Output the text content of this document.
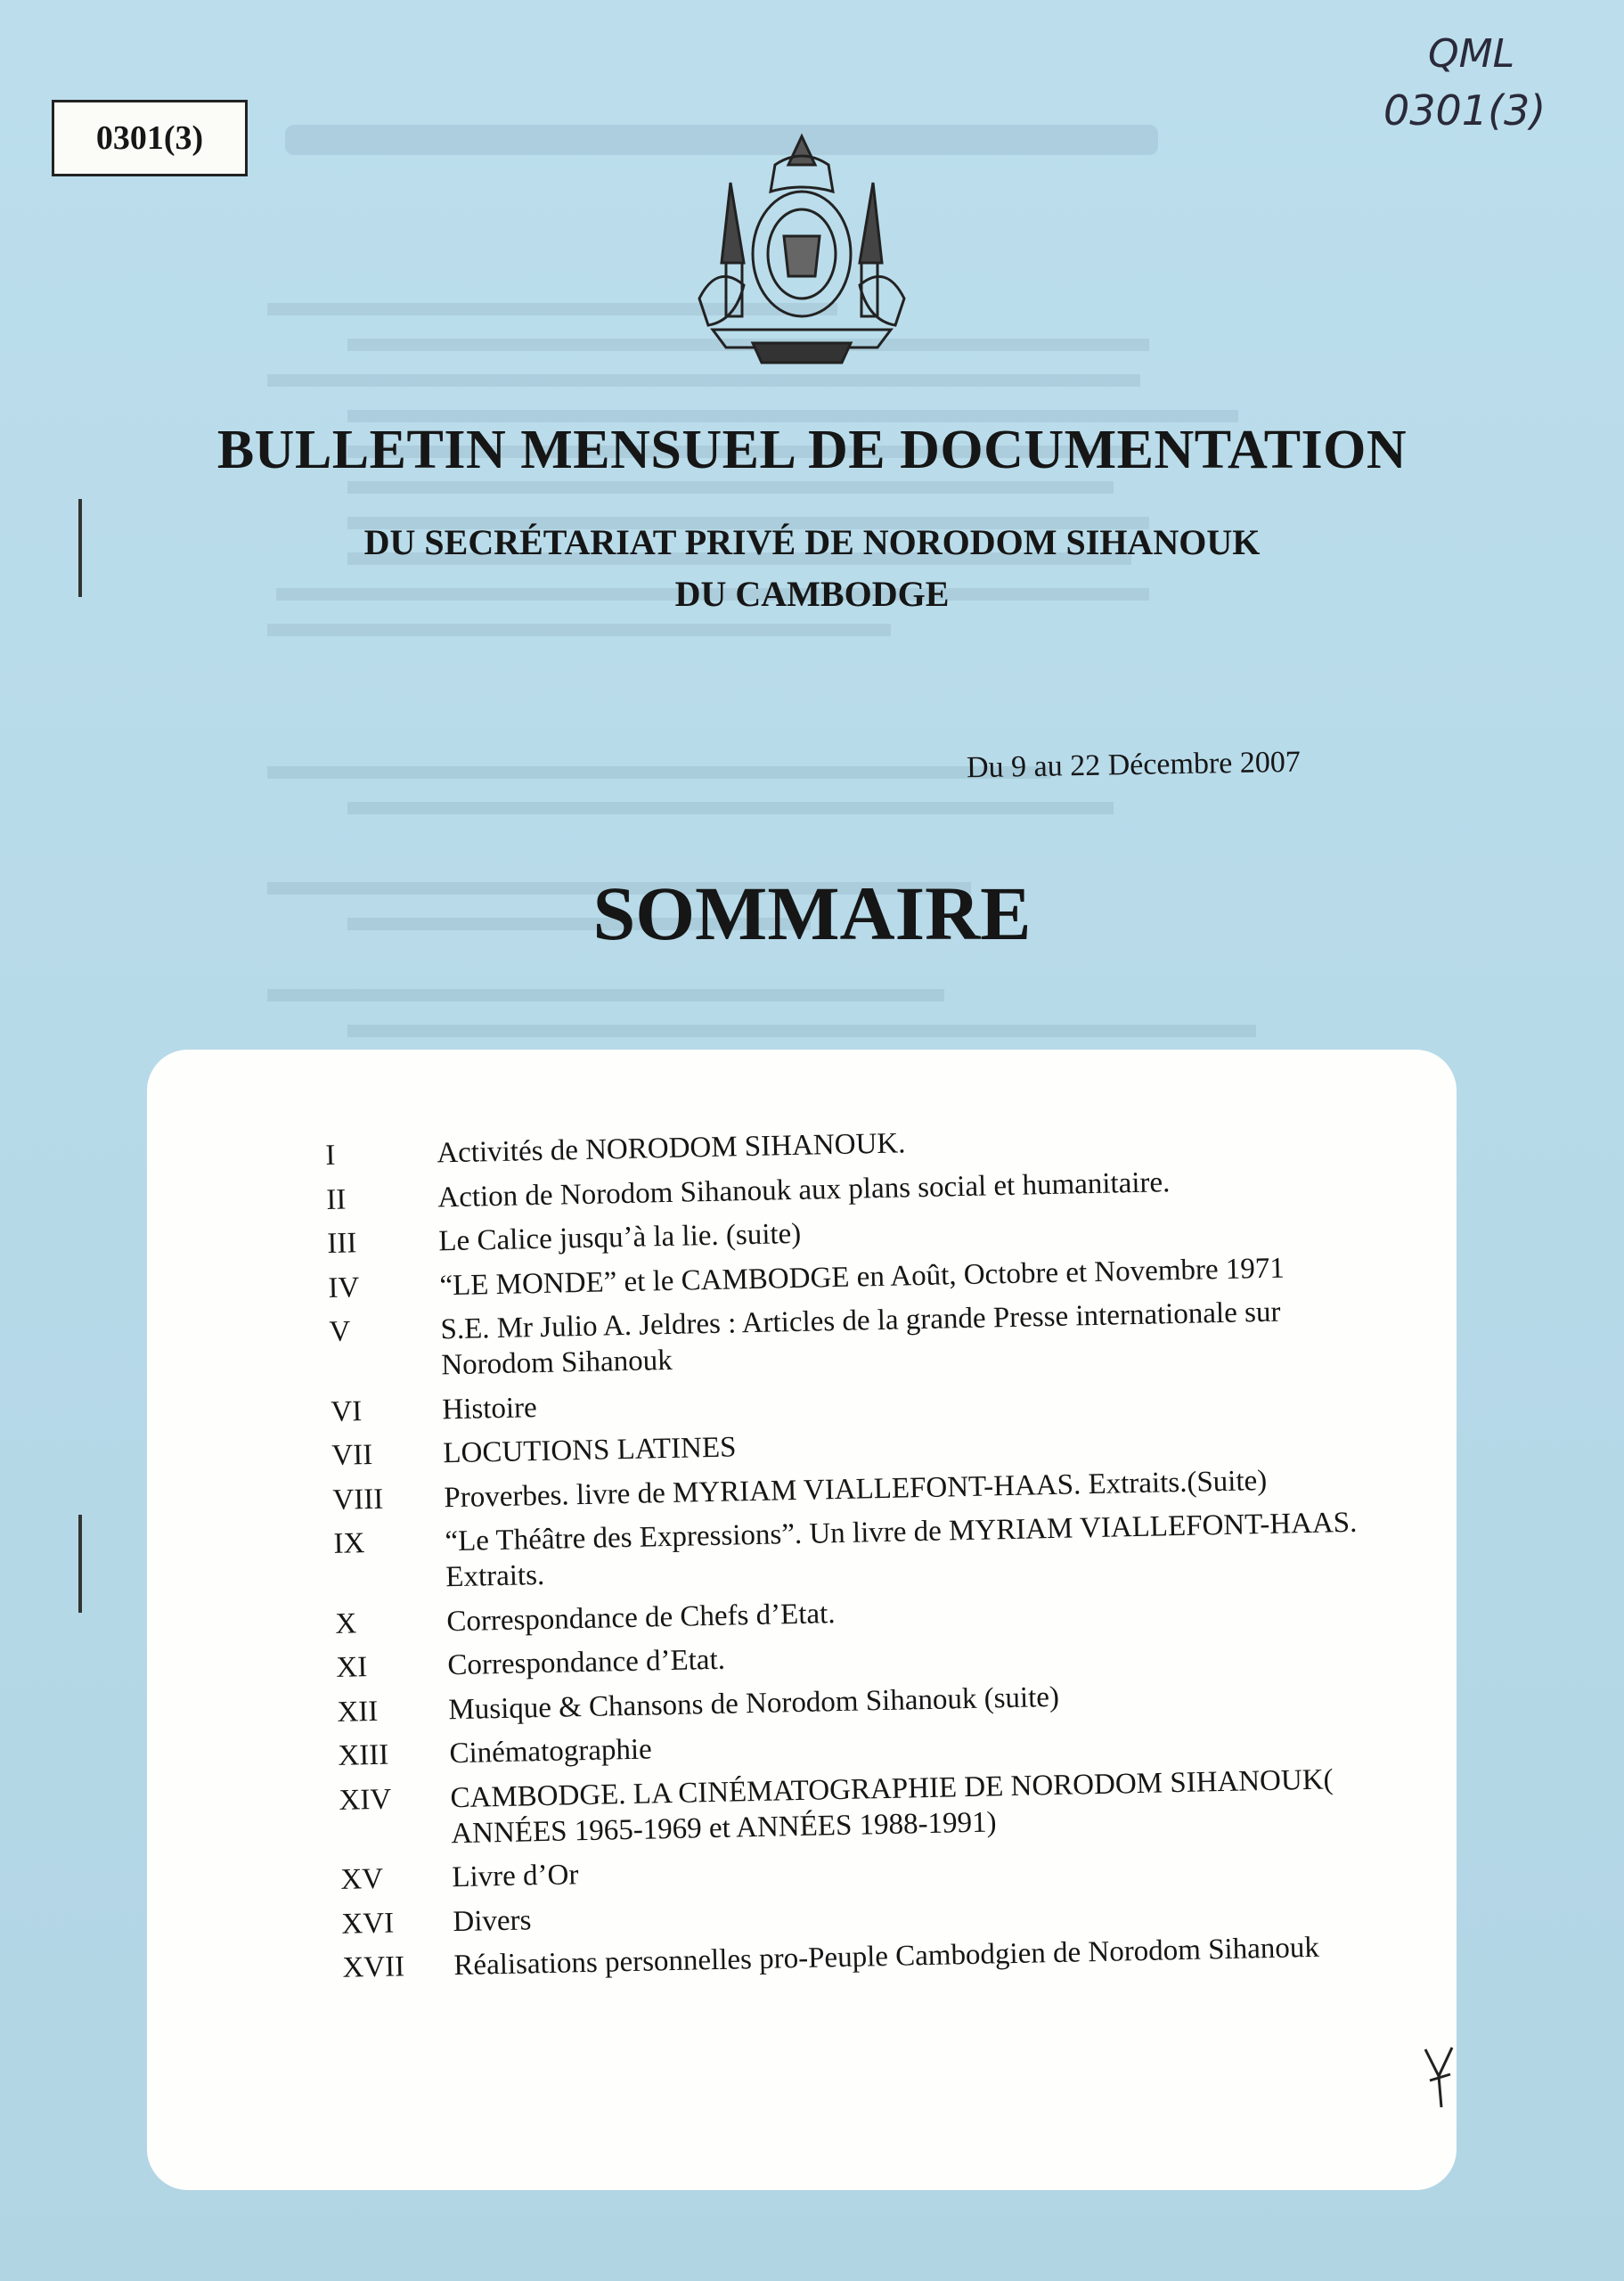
0301(3)
QML
0301(3)
BULLETIN MENSUEL DE DOCUMENTATION
DU SECRÉTARIAT PRIVÉ DE NORODOM SIHANOUK
DU CAMBODGE
Du 9 au 22 Décembre 2007
SOMMAIRE
I	Activités de NORODOM SIHANOUK.
II	Action de Norodom Sihanouk aux plans social et humanitaire.
III	Le Calice jusqu’à la lie. (suite)
IV	“LE MONDE” et le CAMBODGE en Août, Octobre et Novembre 1971
V	S.E. Mr Julio A. Jeldres : Articles de la grande Presse internationale sur Norodom Sihanouk
VI	Histoire
VII	LOCUTIONS LATINES
VIII	Proverbes. livre de MYRIAM VIALLEFONT-HAAS. Extraits.(Suite)
IX	“Le Théâtre des Expressions”. Un livre de MYRIAM VIALLEFONT-HAAS. Extraits.
X	Correspondance de Chefs d’Etat.
XI	Correspondance d’Etat.
XII	Musique & Chansons de Norodom Sihanouk (suite)
XIII	Cinématographie
XIV	CAMBODGE. LA CINÉMATOGRAPHIE DE NORODOM SIHANOUK( ANNÉES 1965-1969 et ANNÉES 1988-1991)
XV	Livre d’Or
XVI	Divers
XVII	Réalisations personnelles pro-Peuple Cambodgien de Norodom Sihanouk
